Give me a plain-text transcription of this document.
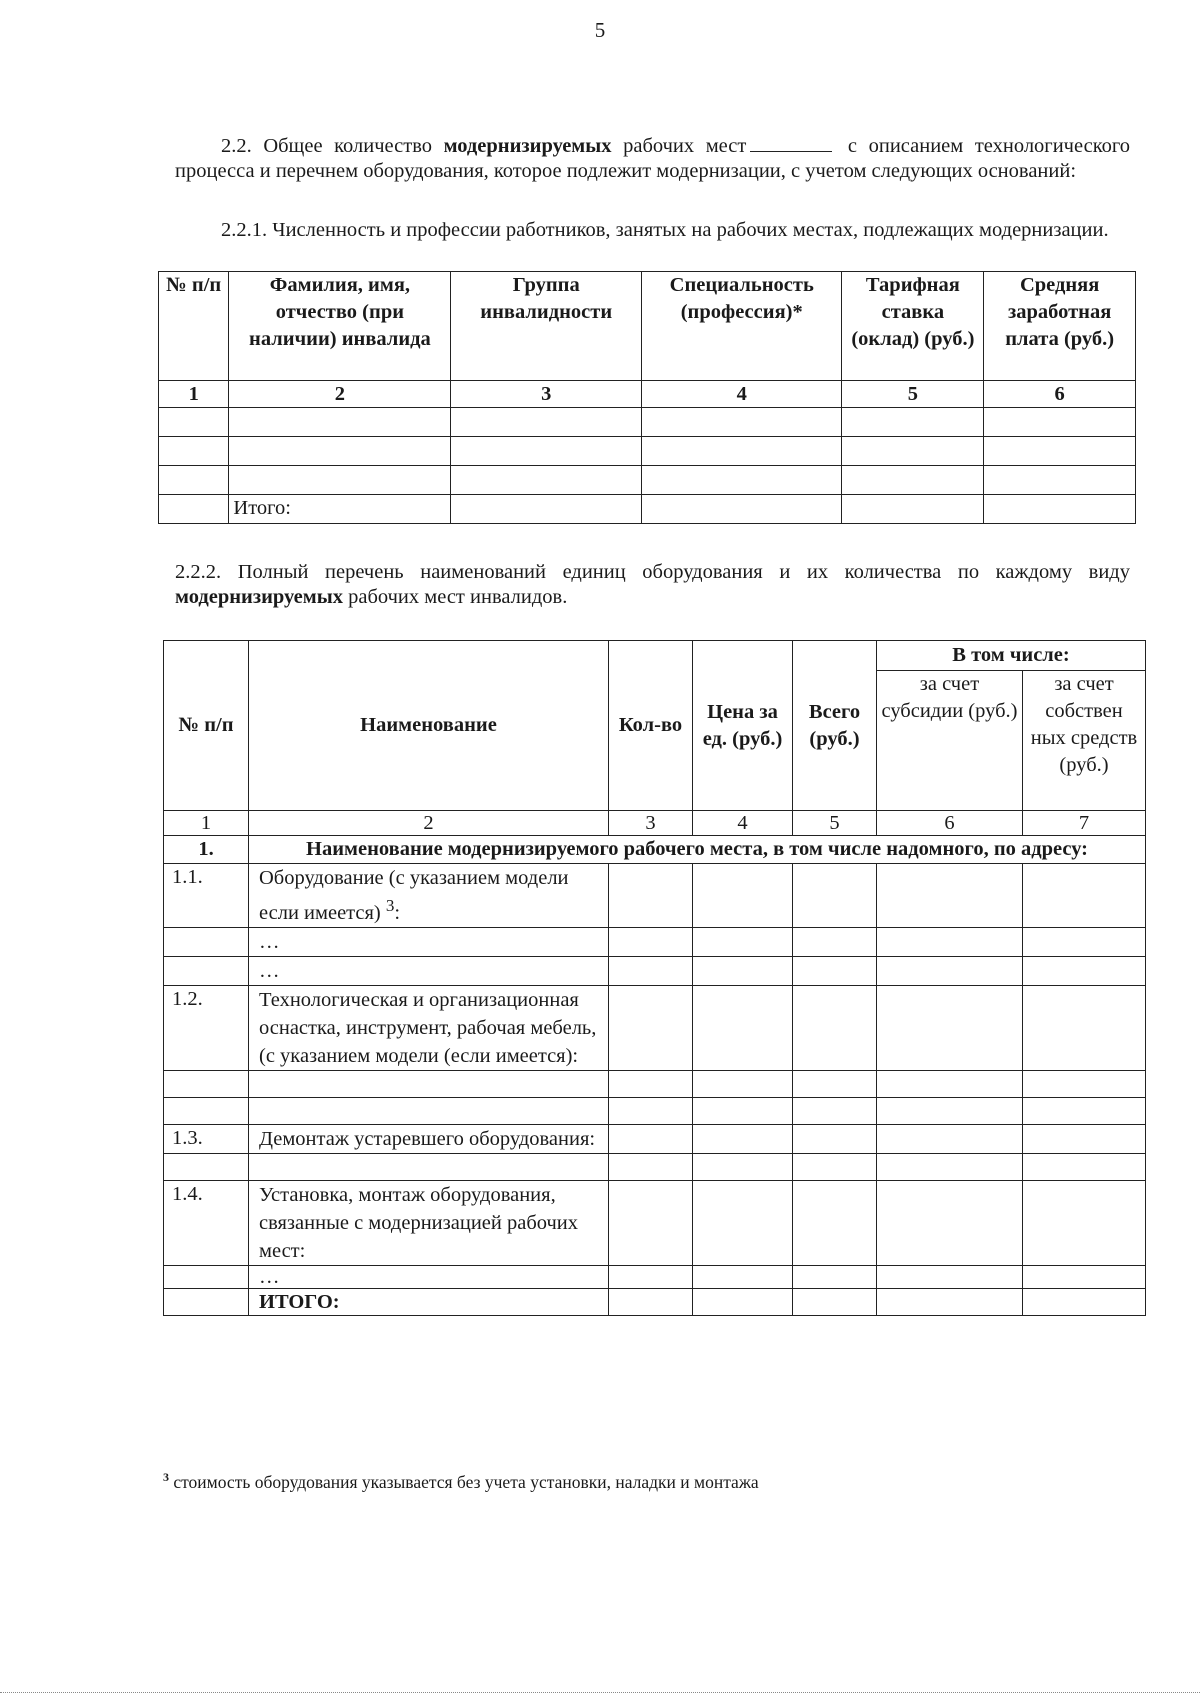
5
2.2. Общее количество модернизируемых рабочих мест	с описанием технологического процесса и перечнем оборудования, которое подлежит модернизации, с учетом следующих оснований:
2.2.1. Численность и профессии работников, занятых на рабочих местах, подлежащих модернизации.
№ п/п	Фамилия, имя, отчество (при наличии) инвалида	Группа инвалидности	Специальность (профессия)*	Тарифная ставка (оклад) (руб.)	Средняя заработная плата (руб.)
1	2	3	4	5	6

	Итого:				
2.2.2. Полный перечень наименований единиц оборудования и их количества по каждому виду модернизируемых рабочих мест инвалидов.
№ п/п	Наименование	Кол-во	Цена за ед. (руб.)	Всего (руб.)	В том числе:	
					за счет субсидии (руб.)	за счет собствен ных средств (руб.)
1	2	3	4	5	6	7
1.	Наименование модернизируемого рабочего места, в том числе надомного, по адресу:					
1.1.	Оборудование (с указанием модели если имеется) $^3$:					
	…					
	…					
1.2.	Технологическая и организационная оснастка, инструмент, рабочая мебель, (с указанием модели (если имеется):					

1.3.	Демонтаж устаревшего оборудования:					

1.4.	Установка, монтаж оборудования, связанные с модернизацией рабочих мест:					
	…					
	ИТОГО:					
$^3$ стоимость оборудования указывается без учета установки, наладки и монтажа
